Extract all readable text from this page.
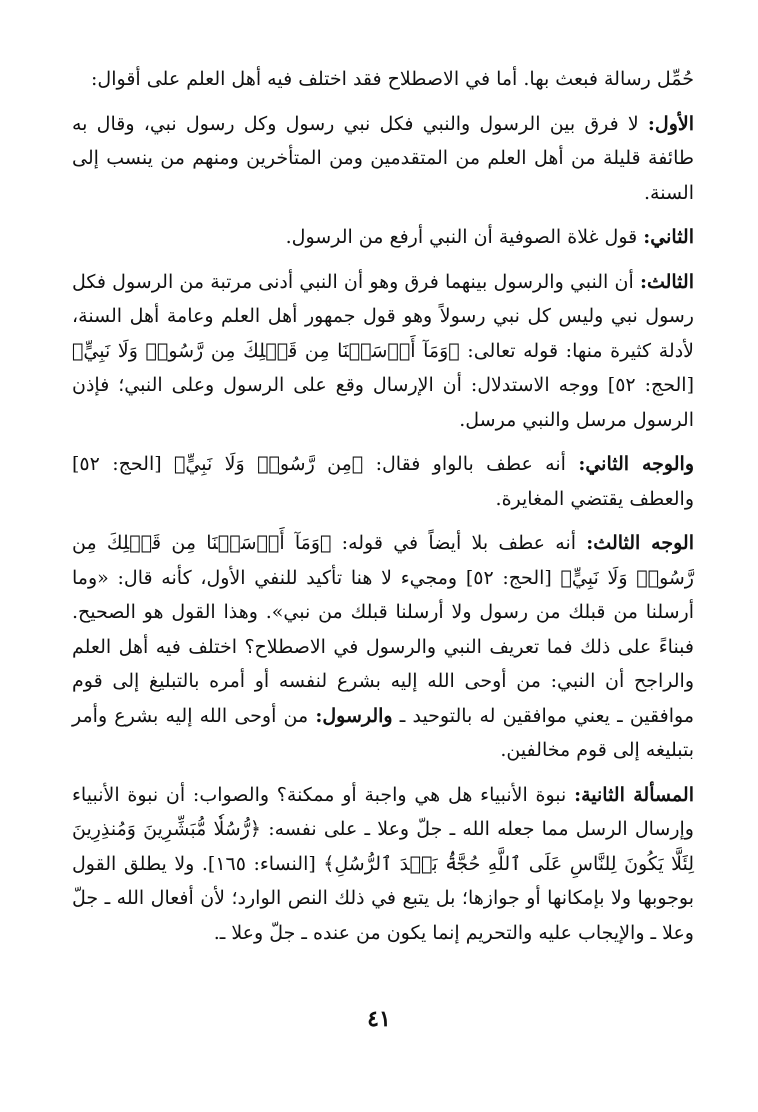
حُمِّل رسالة فبعث بها. أما في الاصطلاح فقد اختلف فيه أهل العلم على أقوال:

الأول: لا فرق بين الرسول والنبي فكل نبي رسول وكل رسول نبي، وقال به طائفة قليلة من أهل العلم من المتقدمين ومن المتأخرين ومنهم من ينسب إلى السنة.

الثاني: قول غلاة الصوفية أن النبي أرفع من الرسول.

الثالث: أن النبي والرسول بينهما فرق وهو أن النبي أدنى مرتبة من الرسول فكل رسول نبي وليس كل نبي رسولاً وهو قول جمهور أهل العلم وعامة أهل السنة، لأدلة كثيرة منها: قوله تعالى: ﴿وَمَآ أَرۡسَلۡنَا مِن قَبۡلِكَ مِن رَّسُولٖ وَلَا نَبِيٍّ﴾ [الحج: ٥٢] ووجه الاستدلال: أن الإرسال وقع على الرسول وعلى النبي؛ فإذن الرسول مرسل والنبي مرسل.

والوجه الثاني: أنه عطف بالواو فقال: ﴿مِن رَّسُولٖ وَلَا نَبِيٍّ﴾ [الحج: ٥٢] والعطف يقتضي المغايرة.

الوجه الثالث: أنه عطف بلا أيضاً في قوله: ﴿وَمَآ أَرۡسَلۡنَا مِن قَبۡلِكَ مِن رَّسُولٖ وَلَا نَبِيٍّ﴾ [الحج: ٥٢] ومجيء لا هنا تأكيد للنفي الأول، كأنه قال: «وما أرسلنا من قبلك من رسول ولا أرسلنا قبلك من نبي». وهذا القول هو الصحيح. فبناءً على ذلك فما تعريف النبي والرسول في الاصطلاح؟ اختلف فيه أهل العلم والراجح أن النبي: من أوحى الله إليه بشرع لنفسه أو أمره بالتبليغ إلى قوم موافقين ـ يعني موافقين له بالتوحيد ـ والرسول: من أوحى الله إليه بشرع وأمر بتبليغه إلى قوم مخالفين.

المسألة الثانية: نبوة الأنبياء هل هي واجبة أو ممكنة؟ والصواب: أن نبوة الأنبياء وإرسال الرسل مما جعله الله ـ جلّ وعلا ـ على نفسه: ﴿رُّسُلٗا مُّبَشِّرِينَ وَمُنذِرِينَ لِئَلَّا يَكُونَ لِلنَّاسِ عَلَى ٱللَّهِ حُجَّةُۢ بَعۡدَ ٱلرُّسُلِ﴾ [النساء: ١٦٥]. ولا يطلق القول بوجوبها ولا بإمكانها أو جوازها؛ بل يتبع في ذلك النص الوارد؛ لأن أفعال الله ـ جلّ وعلا ـ والإيجاب عليه والتحريم إنما يكون من عنده ـ جلّ وعلا ـ.

٤١
